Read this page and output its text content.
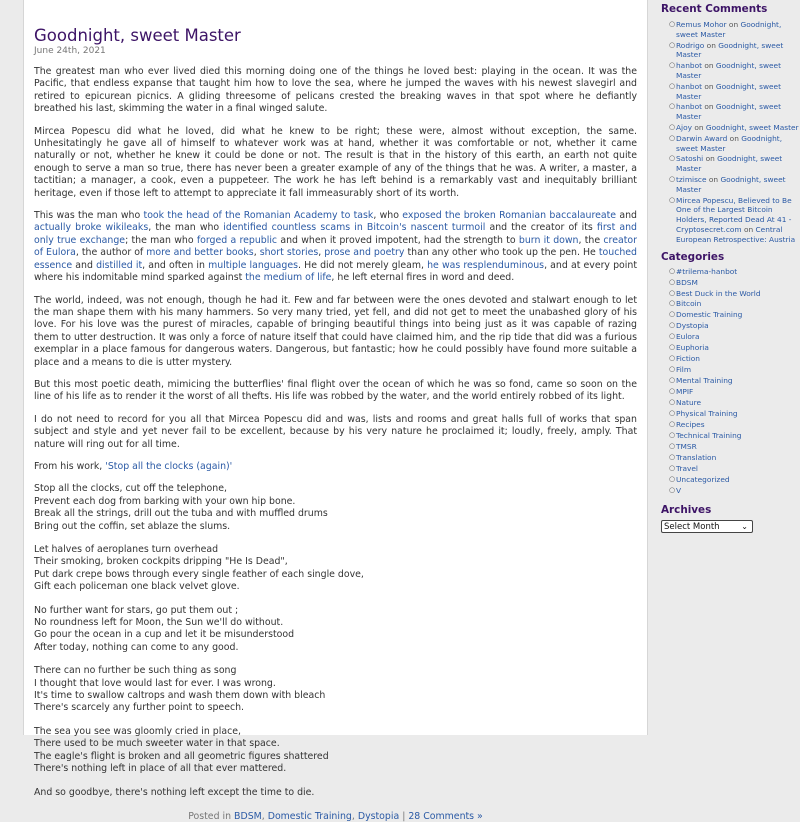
Goodnight, sweet Master
June 24th, 2021

The greatest man who ever lived died this morning doing one of the things he loved best: playing in the ocean. It was the Pacific, that endless expanse that taught him how to love the sea, where he jumped the waves with his newest slavegirl and retired to epicurean picnics. A gliding threesome of pelicans crested the breaking waves in that spot where he defiantly breathed his last, skimming the water in a final winged salute.

Mircea Popescu did what he loved, did what he knew to be right; these were, almost without exception, the same. Unhesitatingly he gave all of himself to whatever work was at hand, whether it was comfortable or not, whether it came naturally or not, whether he knew it could be done or not. The result is that in the history of this earth, an earth not quite enough to serve a man so true, there has never been a greater example of any of the things that he was. A writer, a master, a tactitian; a manager, a cook, even a puppeteer. The work he has left behind is a remarkably vast and inequitably brilliant heritage, even if those left to attempt to appreciate it fall immeasurably short of its worth.

This was the man who took the head of the Romanian Academy to task, who exposed the broken Romanian baccalaureate and actually broke wikileaks, the man who identified countless scams in Bitcoin's nascent turmoil and the creator of its first and only true exchange; the man who forged a republic and when it proved impotent, had the strength to burn it down, the creator of Eulora, the author of more and better books, short stories, prose and poetry than any other who took up the pen. He touched essence and distilled it, and often in multiple languages. He did not merely gleam, he was resplenduminous, and at every point where his indomitable mind sparked against the medium of life, he left eternal fires in word and deed.

The world, indeed, was not enough, though he had it. Few and far between were the ones devoted and stalwart enough to let the man shape them with his many hammers. So very many tried, yet fell, and did not get to meet the unabashed glory of his love. For his love was the purest of miracles, capable of bringing beautiful things into being just as it was capable of razing them to utter destruction. It was only a force of nature itself that could have claimed him, and the rip tide that did was a furious exemplar in a place famous for dangerous waters. Dangerous, but fantastic; how he could possibly have found more suitable a place and a means to die is utter mystery.

But this most poetic death, mimicing the butterflies' final flight over the ocean of which he was so fond, came so soon on the line of his life as to render it the worst of all thefts. His life was robbed by the water, and the world entirely robbed of its light.

I do not need to record for you all that Mircea Popescu did and was, lists and rooms and great halls full of works that span subject and style and yet never fail to be excellent, because by his very nature he proclaimed it; loudly, freely, amply. That nature will ring out for all time.

From his work, 'Stop all the clocks (again)'

Stop all the clocks, cut off the telephone,
Prevent each dog from barking with your own hip bone.
Break all the strings, drill out the tuba and with muffled drums
Bring out the coffin, set ablaze the slums.

Let halves of aeroplanes turn overhead
Their smoking, broken cockpits dripping "He Is Dead",
Put dark crepe bows through every single feather of each single dove,
Gift each policeman one black velvet glove.

No further want for stars, go put them out ;
No roundness left for Moon, the Sun we'll do without.
Go pour the ocean in a cup and let it be misunderstood
After today, nothing can come to any good.

There can no further be such thing as song
I thought that love would last for ever. I was wrong.
It's time to swallow caltrops and wash them down with bleach
There's scarcely any further point to speech.

The sea you see was gloomly cried in place,
There used to be much sweeter water in that space.
The eagle's flight is broken and all geometric figures shattered
There's nothing left in place of all that ever mattered.

And so goodbye, there's nothing left except the time to die.

Posted in BDSM, Domestic Training, Dystopia | 28 Comments »
Recent Comments
○ Remus Mohor on Goodnight, sweet Master
○ Rodrigo on Goodnight, sweet Master
○ hanbot on Goodnight, sweet Master
○ hanbot on Goodnight, sweet Master
○ hanbot on Goodnight, sweet Master
○ Ajoy on Goodnight, sweet Master
○ Darwin Award on Goodnight, sweet Master
○ Satoshi on Goodnight, sweet Master
○ tzimisce on Goodnight, sweet Master
○ Mircea Popescu, Believed to Be One of the Largest Bitcoin Holders, Reported Dead At 41 - Cryptosecret.com on Central European Retrospective: Austria
Categories
○ #trilema-hanbot
○ BDSM
○ Best Duck in the World
○ Bitcoin
○ Domestic Training
○ Dystopia
○ Eulora
○ Euphoria
○ Fiction
○ Film
○ Mental Training
○ MPIF
○ Nature
○ Physical Training
○ Recipes
○ Technical Training
○ TMSR
○ Translation
○ Travel
○ Uncategorized
○ V
Archives
Select Month	⌄
